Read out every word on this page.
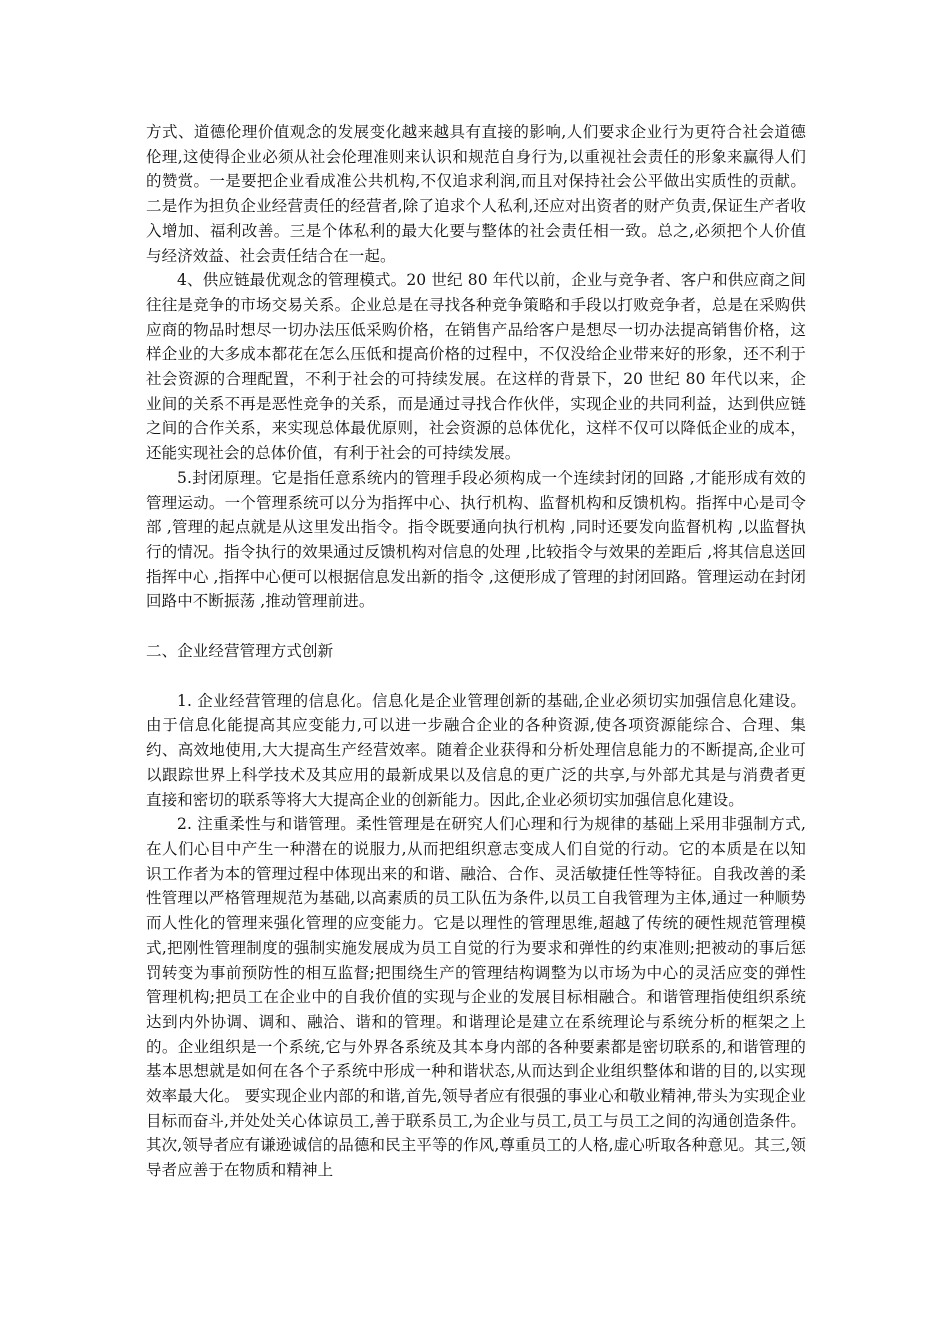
方式、道德伦理价值观念的发展变化越来越具有直接的影响,人们要求企业行为更符合社会道德伦理,这使得企业必须从社会伦理准则来认识和规范自身行为,以重视社会责任的形象来赢得人们的赞赏。一是要把企业看成准公共机构,不仅追求利润,而且对保持社会公平做出实质性的贡献。二是作为担负企业经营责任的经营者,除了追求个人私利,还应对出资者的财产负责,保证生产者收入增加、福利改善。三是个体私利的最大化要与整体的社会责任相一致。总之,必须把个人价值与经济效益、社会责任结合在一起。

4、供应链最优观念的管理模式。20 世纪 80 年代以前，企业与竞争者、客户和供应商之间往往是竞争的市场交易关系。企业总是在寻找各种竞争策略和手段以打败竞争者，总是在采购供应商的物品时想尽一切办法压低采购价格，在销售产品给客户是想尽一切办法提高销售价格，这样企业的大多成本都花在怎么压低和提高价格的过程中，不仅没给企业带来好的形象，还不利于社会资源的合理配置，不利于社会的可持续发展。在这样的背景下，20 世纪 80 年代以来，企业间的关系不再是恶性竞争的关系，而是通过寻找合作伙伴，实现企业的共同利益，达到供应链之间的合作关系，来实现总体最优原则，社会资源的总体优化，这样不仅可以降低企业的成本，还能实现社会的总体价值，有利于社会的可持续发展。

5.封闭原理。它是指任意系统内的管理手段必须构成一个连续封闭的回路 ,才能形成有效的管理运动。一个管理系统可以分为指挥中心、执行机构、监督机构和反馈机构。指挥中心是司令部 ,管理的起点就是从这里发出指令。指令既要通向执行机构 ,同时还要发向监督机构 ,以监督执行的情况。指令执行的效果通过反馈机构对信息的处理 ,比较指令与效果的差距后 ,将其信息送回指挥中心 ,指挥中心便可以根据信息发出新的指令 ,这便形成了管理的封闭回路。管理运动在封闭回路中不断振荡 ,推动管理前进。

二、企业经营管理方式创新

1. 企业经营管理的信息化。信息化是企业管理创新的基础,企业必须切实加强信息化建设。由于信息化能提高其应变能力,可以进一步融合企业的各种资源,使各项资源能综合、合理、集约、高效地使用,大大提高生产经营效率。随着企业获得和分析处理信息能力的不断提高,企业可以跟踪世界上科学技术及其应用的最新成果以及信息的更广泛的共享,与外部尤其是与消费者更直接和密切的联系等将大大提高企业的创新能力。因此,企业必须切实加强信息化建设。

2. 注重柔性与和谐管理。柔性管理是在研究人们心理和行为规律的基础上采用非强制方式,在人们心目中产生一种潜在的说服力,从而把组织意志变成人们自觉的行动。它的本质是在以知识工作者为本的管理过程中体现出来的和谐、融洽、合作、灵活敏捷任性等特征。自我改善的柔性管理以严格管理规范为基础,以高素质的员工队伍为条件,以员工自我管理为主体,通过一种顺势而人性化的管理来强化管理的应变能力。它是以理性的管理思维,超越了传统的硬性规范管理模式,把刚性管理制度的强制实施发展成为员工自觉的行为要求和弹性的约束准则;把被动的事后惩罚转变为事前预防性的相互监督;把围绕生产的管理结构调整为以市场为中心的灵活应变的弹性管理机构;把员工在企业中的自我价值的实现与企业的发展目标相融合。和谐管理指使组织系统达到内外协调、调和、融洽、谐和的管理。和谐理论是建立在系统理论与系统分析的框架之上的。企业组织是一个系统,它与外界各系统及其本身内部的各种要素都是密切联系的,和谐管理的基本思想就是如何在各个子系统中形成一种和谐状态,从而达到企业组织整体和谐的目的,以实现效率最大化。 要实现企业内部的和谐,首先,领导者应有很强的事业心和敬业精神,带头为实现企业目标而奋斗,并处处关心体谅员工,善于联系员工,为企业与员工,员工与员工之间的沟通创造条件。其次,领导者应有谦逊诚信的品德和民主平等的作风,尊重员工的人格,虚心听取各种意见。其三,领导者应善于在物质和精神上
